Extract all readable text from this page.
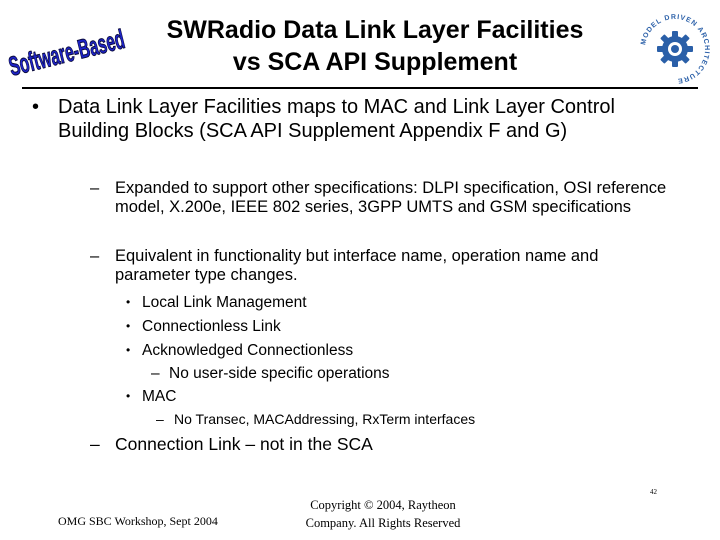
Software-Based
SWRadio Data Link Layer Facilities
vs SCA API Supplement
MODEL DRIVEN ARCHITECTURE
• Data Link Layer Facilities maps to MAC and Link Layer Control Building Blocks (SCA API Supplement Appendix F and G)
– Expanded to support other specifications: DLPI specification, OSI reference model, X.200e, IEEE 802 series, 3GPP UMTS and GSM specifications
– Equivalent in functionality but interface name, operation name and parameter type changes.
• Local Link Management
• Connectionless Link
• Acknowledged Connectionless
– No user-side specific operations
• MAC
– No Transec, MACAddressing, RxTerm interfaces
– Connection Link – not in the SCA
OMG SBC Workshop, Sept 2004
Copyright © 2004, Raytheon
Company. All Rights Reserved
42
